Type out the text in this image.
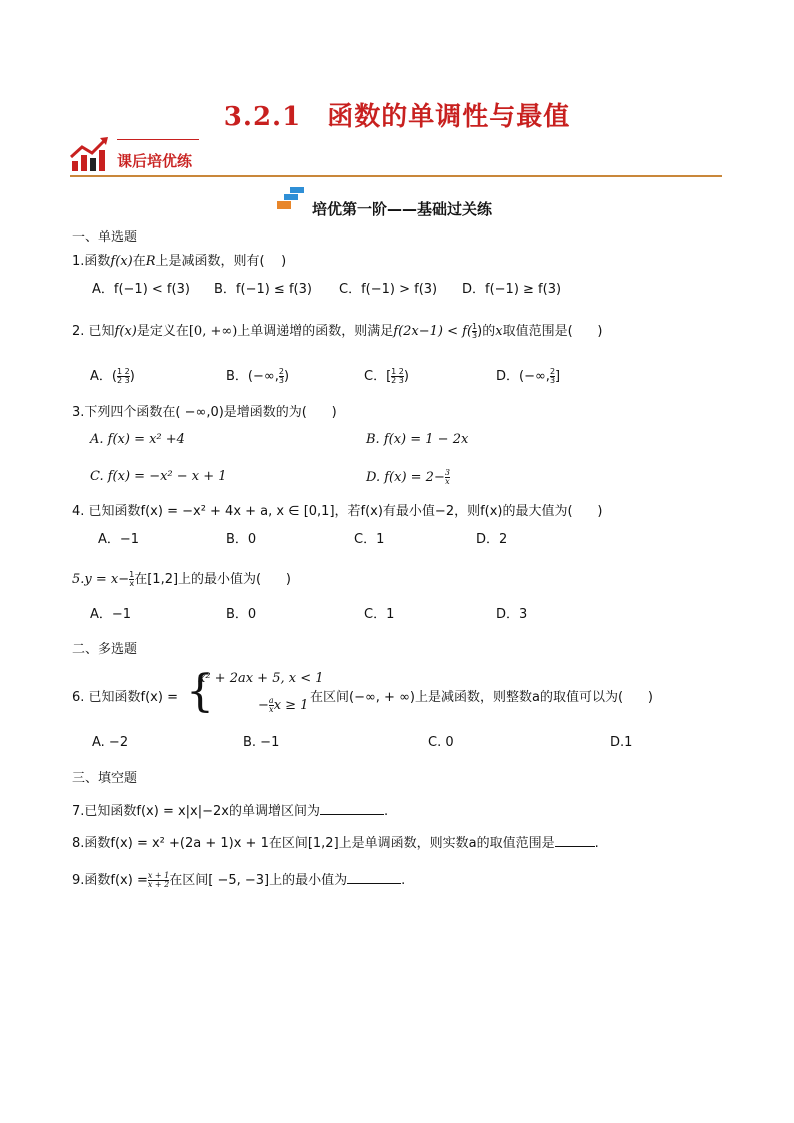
3.2.1 函数的单调性与最值
课后培优练
培优第一阶——基础过关练
一、单选题
1.函数f(x)在R上是减函数，则有(    )
A．f(−1) < f(3) B．f(−1) ≤ f(3) C．f(−1) > f(3) D．f(−1) ≥ f(3)
2. 已知f(x)是定义在[0, +∞)上单调递增的函数，则满足$f(2x-1) < f( \frac{1}{3}$ )的x取值范围是(      )
A．( $\frac{1 2}{2 3}$ )	B．(−∞, $\frac{2}{3}$ )	C．[ $\frac{1 2}{2 3}$ )	D．(−∞, $\frac{2}{3}$ ]
3.下列四个函数在( −∞,0)是增函数的为(      )
A. f(x) = x² +4	B. f(x) = 1 − 2x
C. f(x) = −x² − x + 1	D. $f(x) = 2- \frac{3}{x}$
4. 已知函数f(x) = −x² + 4x + a, x ∈ [0,1]，若f(x)有最小值−2，则f(x)的最大值为(      )
A．−1	B．0	C．1	D．2
$5.y = x- \frac{1}{x}$ 在[1,2]上的最小值为(      )
A．−1	B．0	C．1	D．3
二、多选题
6. 已知函数f(x) = {
x² + 2ax + 5, x < 1
− $\frac{a}{x}$ x ≥ 1
在区间(−∞, + ∞)上是减函数，则整数a的取值可以为(      )
A. −2	B. −1	C. 0	D.1
三、填空题
7.已知函数f(x) = x|x|−2x的单调增区间为	.
8.函数f(x) = x² +(2a + 1)x + 1在区间[1,2]上是单调函数，则实数a的取值范围是	.
9.函数$f(x) = \frac{x + 1}{x + 2}$ 在区间[ −5, −3]上的最小值为	.
